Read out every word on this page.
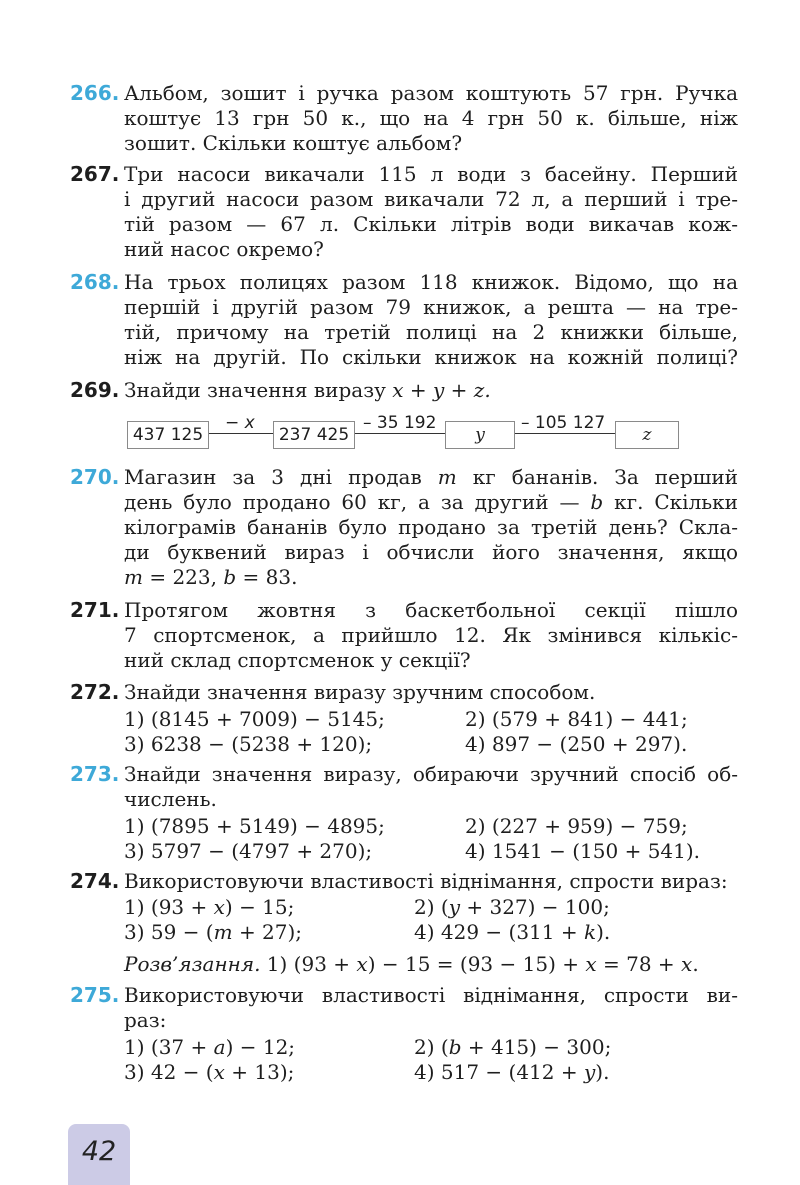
266. Альбом, зошит і ручка разом коштують 57 грн. Ручка
коштує 13 грн 50 к., що на 4 грн 50 к. більше, ніж
зошит. Скільки коштує альбом?
267. Три насоси викачали 115 л води з басейну. Перший
і другий насоси разом викачали 72 л, а перший і тре-
тій разом — 67 л. Скільки літрів води викачав кож-
ний насос окремо?
268. На трьох полицях разом 118 книжок. Відомо, що на
першій і другій разом 79 книжок, а решта — на тре-
тій, причому на третій полиці на 2 книжки більше,
ніж на другій. По скільки книжок на кожній полиці?
269. Знайди значення виразу x + y + z.
437 125
− x
237 425
– 35 192
y
– 105 127
z
270. Магазин за 3 дні продав m кг бананів. За перший
день було продано 60 кг, а за другий — b кг. Скільки
кілограмів бананів було продано за третій день? Скла-
ди буквений вираз і обчисли його значення, якщо
m = 223, b = 83.
271. Протягом жовтня з баскетбольної секції пішло
7 спортсменок, а прийшло 12. Як змінився кількіс-
ний склад спортсменок у секції?
272. Знайди значення виразу зручним способом.
1) (8145 + 7009) − 5145;	2) (579 + 841) − 441;
3) 6238 − (5238 + 120);	4) 897 − (250 + 297).
273. Знайди значення виразу, обираючи зручний спосіб об-
числень.
1) (7895 + 5149) − 4895;	2) (227 + 959) − 759;
3) 5797 − (4797 + 270);	4) 1541 − (150 + 541).
274. Використовуючи властивості віднімання, спрости вираз:
1) (93 + x) − 15;	2) (y + 327) − 100;
3) 59 − (m + 27);	4) 429 − (311 + k).
Розв’язання. 1) (93 + x) − 15 = (93 − 15) + x = 78 + x.
275. Використовуючи властивості віднімання, спрости ви-
раз:
1) (37 + a) − 12;	2) (b + 415) − 300;
3) 42 − (x + 13);	4) 517 − (412 + y).
42
